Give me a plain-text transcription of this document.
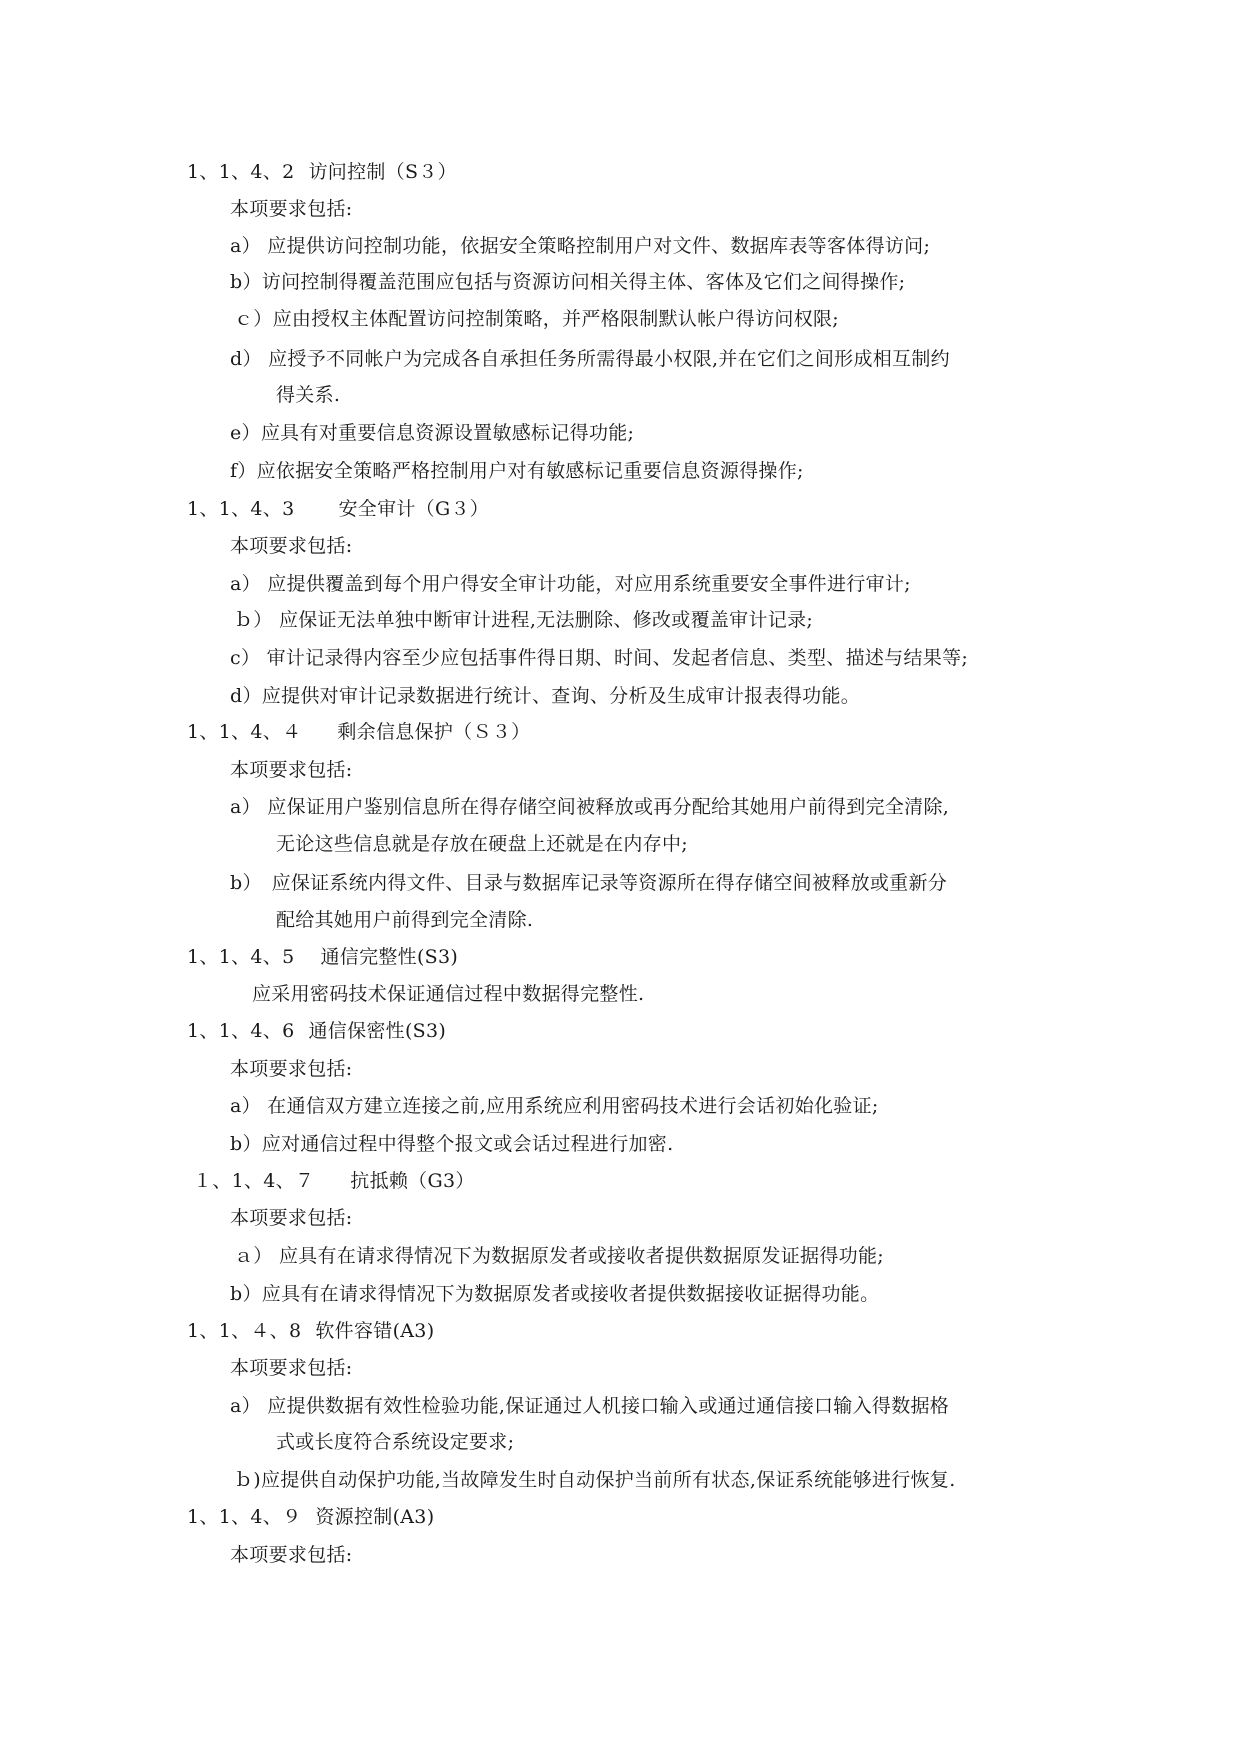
1、1、4、2 访问控制（S３）
本项要求包括:
a） 应提供访问控制功能，依据安全策略控制用户对文件、数据库表等客体得访问;
b）访问控制得覆盖范围应包括与资源访问相关得主体、客体及它们之间得操作;
ｃ）应由授权主体配置访问控制策略，并严格限制默认帐户得访问权限;
d） 应授予不同帐户为完成各自承担任务所需得最小权限,并在它们之间形成相互制约
得关系.
e）应具有对重要信息资源设置敏感标记得功能;
f）应依据安全策略严格控制用户对有敏感标记重要信息资源得操作;
1、1、4、3 安全审计（G３）
本项要求包括:
a） 应提供覆盖到每个用户得安全审计功能，对应用系统重要安全事件进行审计;
ｂ） 应保证无法单独中断审计进程,无法删除、修改或覆盖审计记录;
c） 审计记录得内容至少应包括事件得日期、时间、发起者信息、类型、描述与结果等;
d）应提供对审计记录数据进行统计、查询、分析及生成审计报表得功能。
1、1、4、４ 剩余信息保护（Ｓ３）
本项要求包括:
a） 应保证用户鉴别信息所在得存储空间被释放或再分配给其她用户前得到完全清除,
无论这些信息就是存放在硬盘上还就是在内存中;
b）　应保证系统内得文件、目录与数据库记录等资源所在得存储空间被释放或重新分
配给其她用户前得到完全清除.
1、1、4、5 通信完整性(S3)
应采用密码技术保证通信过程中数据得完整性.
1、1、4、6 通信保密性(S3)
本项要求包括:
a） 在通信双方建立连接之前,应用系统应利用密码技术进行会话初始化验证;
b）应对通信过程中得整个报文或会话过程进行加密.
１、1、4、７ 抗抵赖（G3）
本项要求包括:
ａ） 应具有在请求得情况下为数据原发者或接收者提供数据原发证据得功能;
b）应具有在请求得情况下为数据原发者或接收者提供数据接收证据得功能。
1、1、４、8 软件容错(A3)
本项要求包括:
a） 应提供数据有效性检验功能,保证通过人机接口输入或通过通信接口输入得数据格
式或长度符合系统设定要求;
ｂ)应提供自动保护功能,当故障发生时自动保护当前所有状态,保证系统能够进行恢复.
1、1、4、９ 资源控制(A3)
本项要求包括:
